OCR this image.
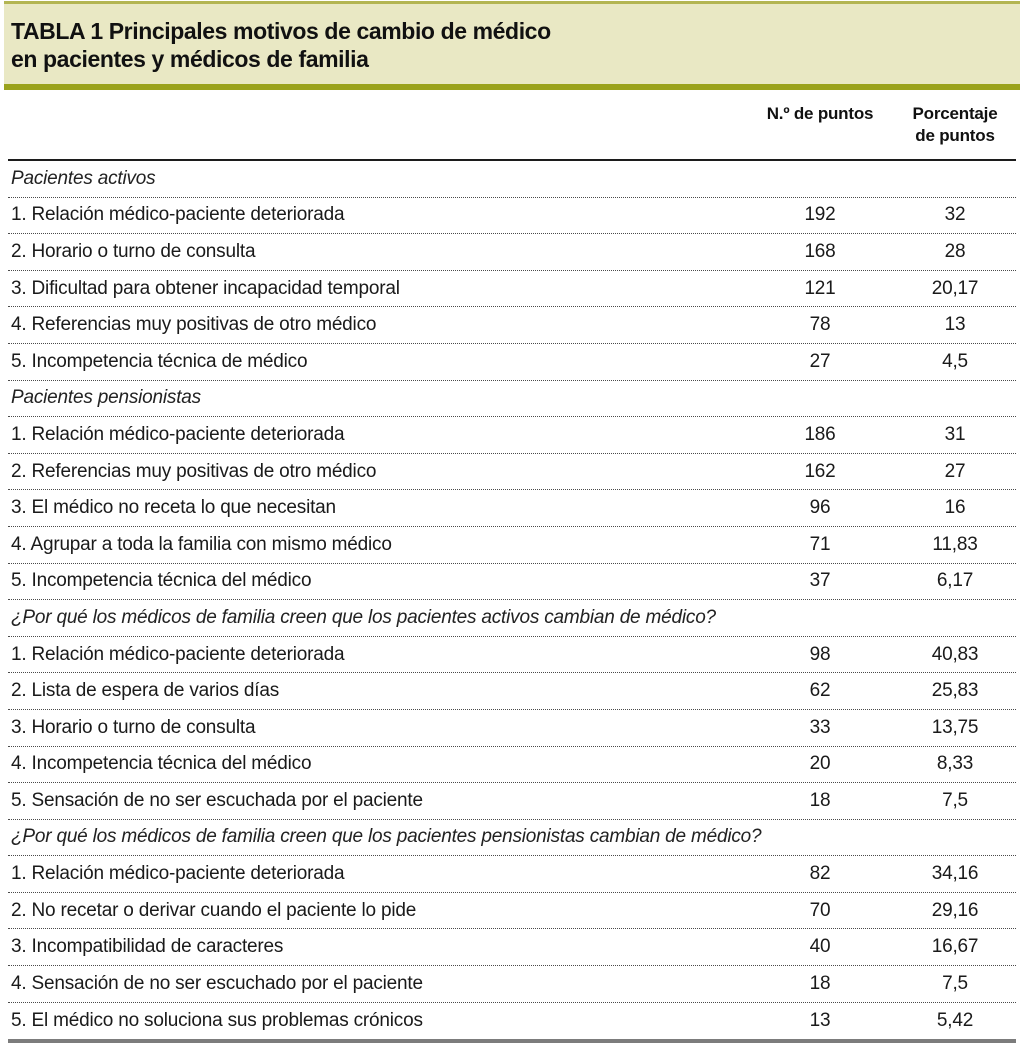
TABLA 1 Principales motivos de cambio de médico
en pacientes y médicos de familia
N.º de puntos	Porcentaje
de puntos
Pacientes activos
1. Relación médico-paciente deteriorada	192	32
2. Horario o turno de consulta	168	28
3. Dificultad para obtener incapacidad temporal	121	20,17
4. Referencias muy positivas de otro médico	78	13
5. Incompetencia técnica de médico	27	4,5
Pacientes pensionistas
1. Relación médico-paciente deteriorada	186	31
2. Referencias muy positivas de otro médico	162	27
3. El médico no receta lo que necesitan	96	16
4. Agrupar a toda la familia con mismo médico	71	11,83
5. Incompetencia técnica del médico	37	6,17
¿Por qué los médicos de familia creen que los pacientes activos cambian de médico?
1. Relación médico-paciente deteriorada	98	40,83
2. Lista de espera de varios días	62	25,83
3. Horario o turno de consulta	33	13,75
4. Incompetencia técnica del médico	20	8,33
5. Sensación de no ser escuchada por el paciente	18	7,5
¿Por qué los médicos de familia creen que los pacientes pensionistas cambian de médico?
1. Relación médico-paciente deteriorada	82	34,16
2. No recetar o derivar cuando el paciente lo pide	70	29,16
3. Incompatibilidad de caracteres	40	16,67
4. Sensación de no ser escuchado por el paciente	18	7,5
5. El médico no soluciona sus problemas crónicos	13	5,42
